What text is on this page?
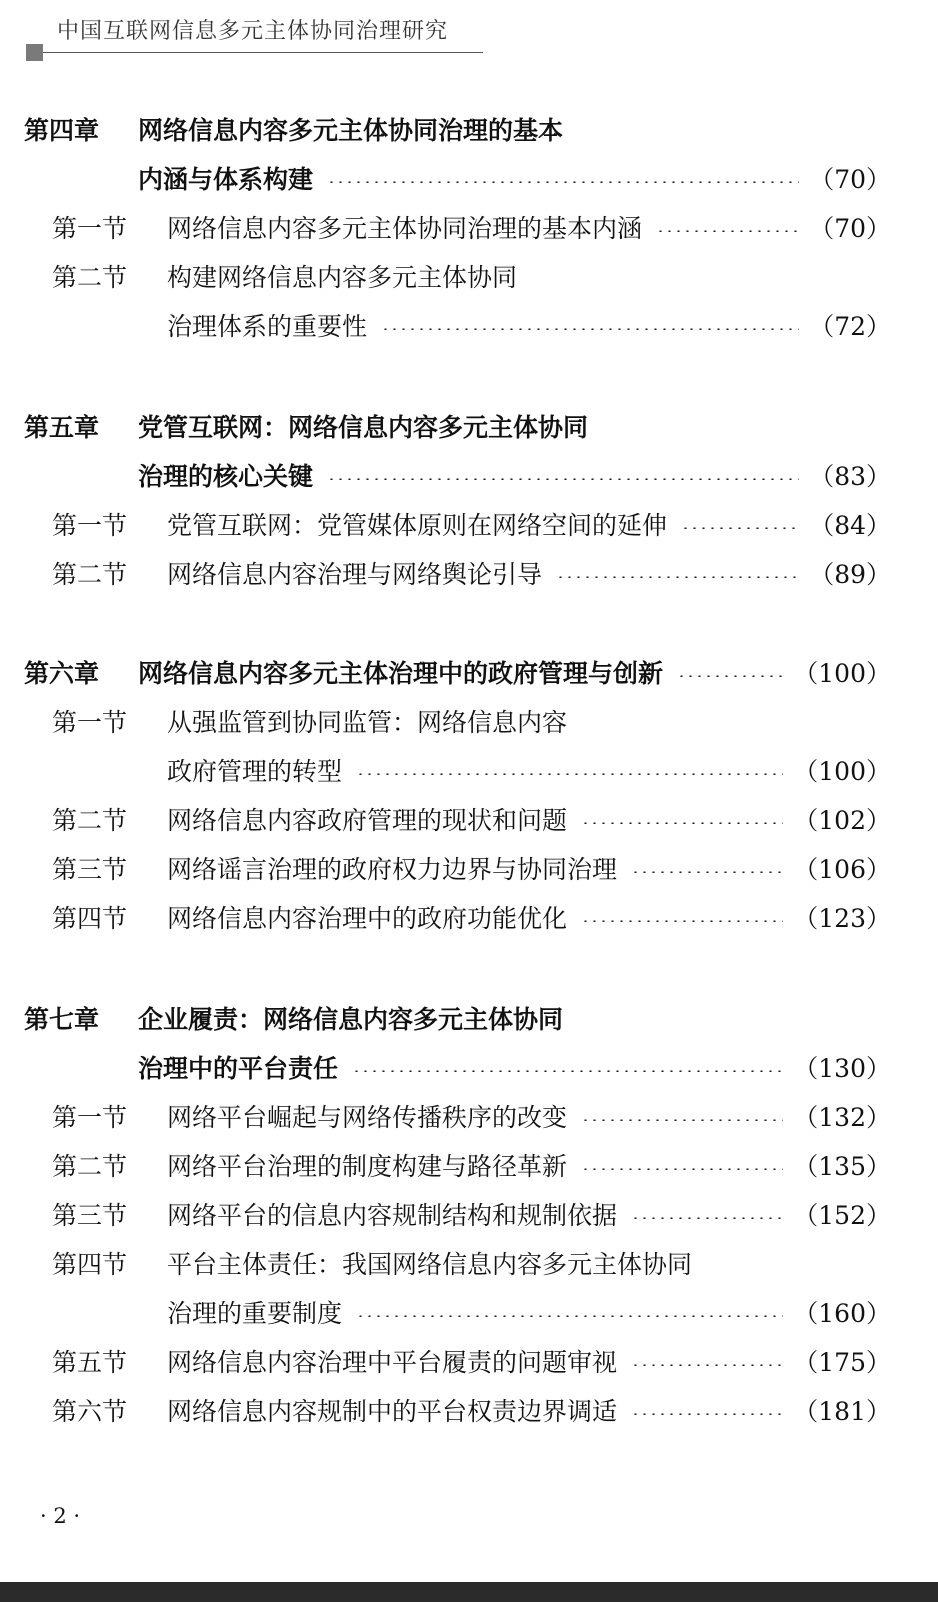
中国互联网信息多元主体协同治理研究
第四章 网络信息内容多元主体协同治理的基本
内涵与体系构建	（70）
第一节 网络信息内容多元主体协同治理的基本内涵	（70）
第二节 构建网络信息内容多元主体协同
治理体系的重要性	（72）
第五章 党管互联网：网络信息内容多元主体协同
治理的核心关键	（83）
第一节 党管互联网：党管媒体原则在网络空间的延伸	（84）
第二节 网络信息内容治理与网络舆论引导	（89）
第六章 网络信息内容多元主体治理中的政府管理与创新	（100）
第一节 从强监管到协同监管：网络信息内容
政府管理的转型	（100）
第二节 网络信息内容政府管理的现状和问题	（102）
第三节 网络谣言治理的政府权力边界与协同治理	（106）
第四节 网络信息内容治理中的政府功能优化	（123）
第七章 企业履责：网络信息内容多元主体协同
治理中的平台责任	（130）
第一节 网络平台崛起与网络传播秩序的改变	（132）
第二节 网络平台治理的制度构建与路径革新	（135）
第三节 网络平台的信息内容规制结构和规制依据	（152）
第四节 平台主体责任：我国网络信息内容多元主体协同
治理的重要制度	（160）
第五节 网络信息内容治理中平台履责的问题审视	（175）
第六节 网络信息内容规制中的平台权责边界调适	（181）
· 2 ·
